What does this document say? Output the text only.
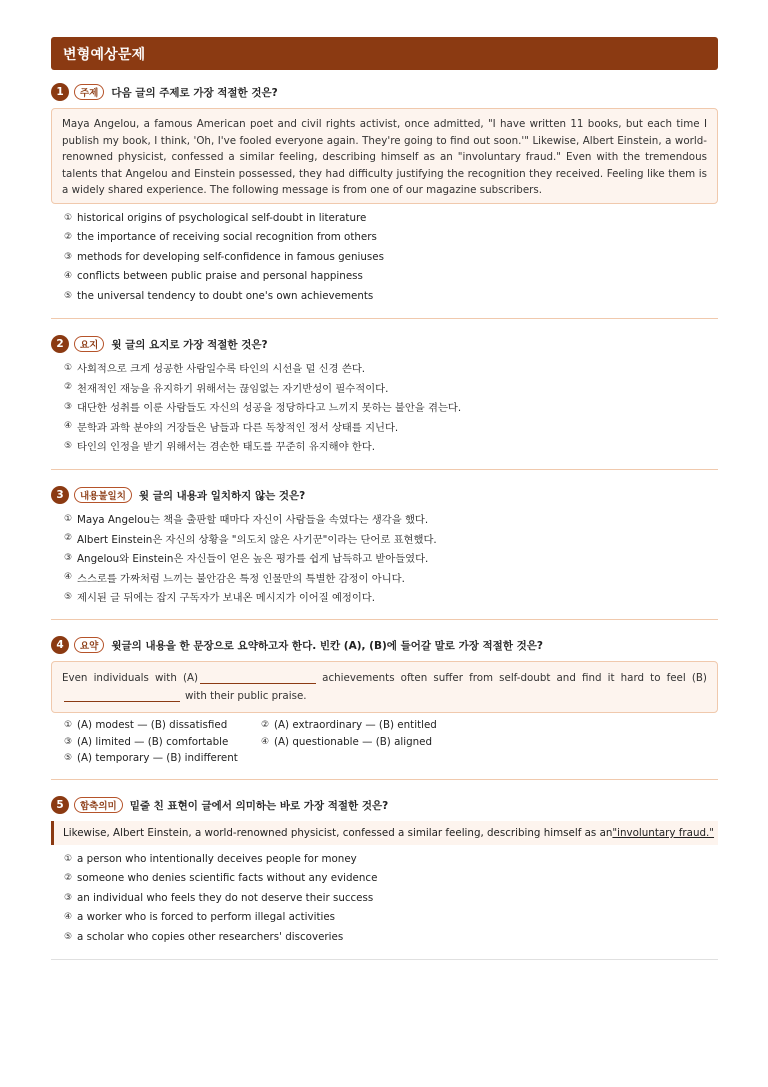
변형예상문제
1	주제	다음 글의 주제로 가장 적절한 것은?
Maya Angelou, a famous American poet and civil rights activist, once admitted, "I have written 11 books, but each time I publish my book, I think, 'Oh, I've fooled everyone again. They're going to find out soon.'" Likewise, Albert Einstein, a world-renowned physicist, confessed a similar feeling, describing himself as an "involuntary fraud." Even with the tremendous talents that Angelou and Einstein possessed, they had difficulty justifying the recognition they received. Feeling like them is a widely shared experience. The following message is from one of our magazine subscribers.
① historical origins of psychological self-doubt in literature
② the importance of receiving social recognition from others
③ methods for developing self-confidence in famous geniuses
④ conflicts between public praise and personal happiness
⑤ the universal tendency to doubt one's own achievements
2	요지	윗 글의 요지로 가장 적절한 것은?
① 사회적으로 크게 성공한 사람일수록 타인의 시선을 덜 신경 쓴다.
② 천재적인 재능을 유지하기 위해서는 끊임없는 자기반성이 필수적이다.
③ 대단한 성취를 이룬 사람들도 자신의 성공을 정당하다고 느끼지 못하는 불안을 겪는다.
④ 문학과 과학 분야의 거장들은 남들과 다른 독창적인 정서 상태를 지닌다.
⑤ 타인의 인정을 받기 위해서는 겸손한 태도를 꾸준히 유지해야 한다.
3	내용불일치	윗 글의 내용과 일치하지 않는 것은?
① Maya Angelou는 책을 출판할 때마다 자신이 사람들을 속였다는 생각을 했다.
② Albert Einstein은 자신의 상황을 "의도치 않은 사기꾼"이라는 단어로 표현했다.
③ Angelou와 Einstein은 자신들이 얻은 높은 평가를 쉽게 납득하고 받아들였다.
④ 스스로를 가짜처럼 느끼는 불안감은 특정 인물만의 특별한 감정이 아니다.
⑤ 제시된 글 뒤에는 잡지 구독자가 보내온 메시지가 이어질 예정이다.
4	요약	윗글의 내용을 한 문장으로 요약하고자 한다. 빈칸 (A), (B)에 들어갈 말로 가장 적절한 것은?
Even individuals with (A)	achievements often suffer from self-doubt and find it hard to feel (B)
with their public praise.
① (A) modest — (B) dissatisfied	② (A) extraordinary — (B) entitled
③ (A) limited — (B) comfortable	④ (A) questionable — (B) aligned
⑤ (A) temporary — (B) indifferent
5	함축의미	밑줄 친 표현이 글에서 의미하는 바로 가장 적절한 것은?
Likewise, Albert Einstein, a world-renowned physicist, confessed a similar feeling, describing himself as an "involuntary fraud."
① a person who intentionally deceives people for money
② someone who denies scientific facts without any evidence
③ an individual who feels they do not deserve their success
④ a worker who is forced to perform illegal activities
⑤ a scholar who copies other researchers' discoveries
